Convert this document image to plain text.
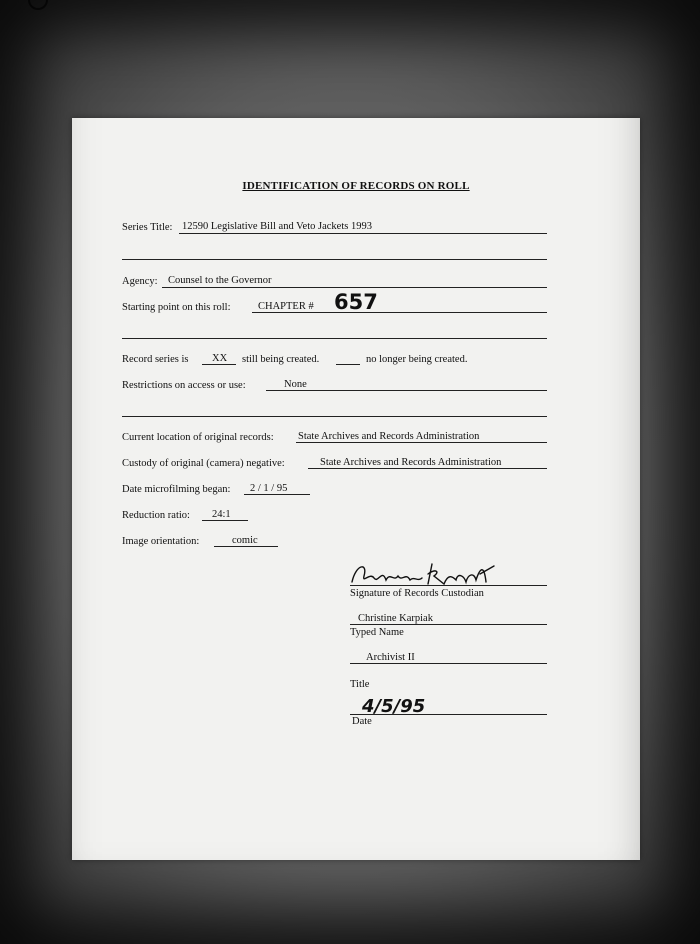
IDENTIFICATION OF RECORDS ON ROLL
Series Title: 12590 Legislative Bill and Veto Jackets 1993
Agency: Counsel to the Governor
Starting point on this roll:	CHAPTER # 657
Record series is XX still being created.	no longer being created.
Restrictions on access or use:	None
Current location of original records: State Archives and Records Administration
Custody of original (camera) negative:	State Archives and Records Administration
Date microfilming began: 2 / 1 / 95
Reduction ratio: 24:1
Image orientation:	comic
Signature of Records Custodian
Christine Karpiak
Typed Name
Archivist II
Title
4/5/95
Date
